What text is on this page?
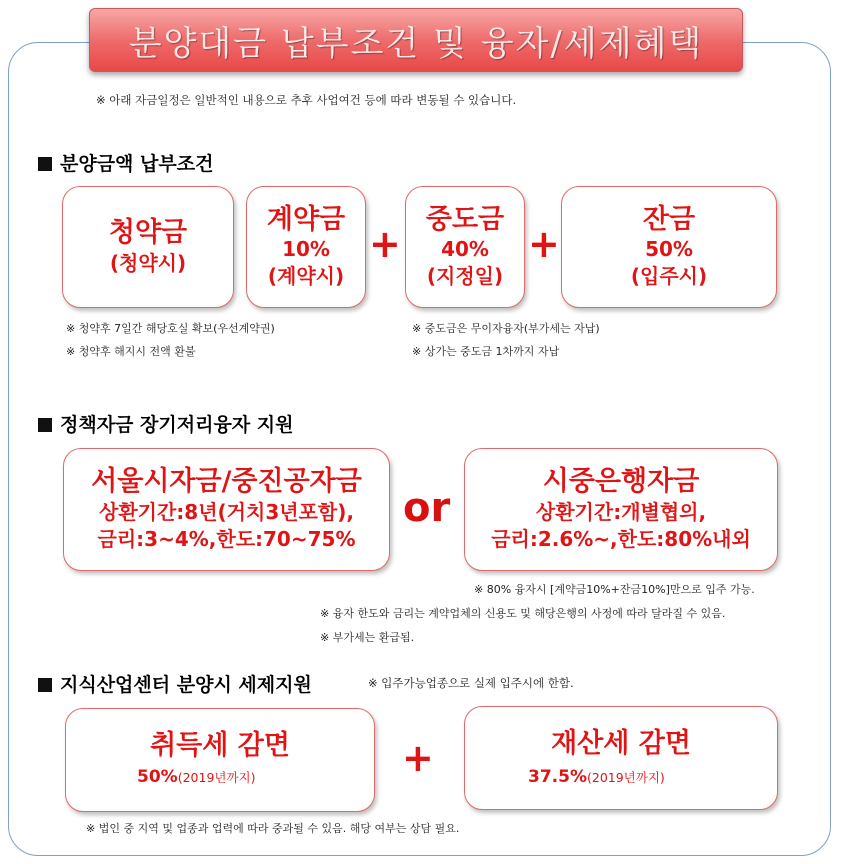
분양대금 납부조건 및 융자/세제혜택
※ 아래 자금일정은 일반적인 내용으로 추후 사업여건 등에 따라 변동될 수 있습니다.
분양금액 납부조건
청약금
(청약시)
계약금
10%
(계약시)
+
중도금
40%
(지정일)
+
잔금
50%
(입주시)
※ 청약후 7일간 해당호실 확보(우선계약권)
※ 청약후 해지시 전액 환불
※ 중도금은 무이자융자(부가세는 자납)
※ 상가는 중도금 1차까지 자납
정책자금 장기저리융자 지원
서울시자금/중진공자금
상환기간:8년(거치3년포함),
금리:3~4%,한도:70~75%
or
시중은행자금
상환기간:개별협의,
금리:2.6%~,한도:80%내외
※ 80% 융자시 [계약금10%+잔금10%]만으로 입주 가능.
※ 융자 한도와 금리는 계약업체의 신용도 및 해당은행의 사정에 따라 달라질 수 있음.
※ 부가세는 환급됨.
지식산업센터 분양시 세제지원	※ 입주가능업종으로 실제 입주시에 한함.
취득세 감면
50%(2019년까지)	+	재산세 감면
37.5%(2019년까지)
※ 법인 중 지역 및 업종과 업력에 따라 중과될 수 있음. 해당 여부는 상담 필요.
